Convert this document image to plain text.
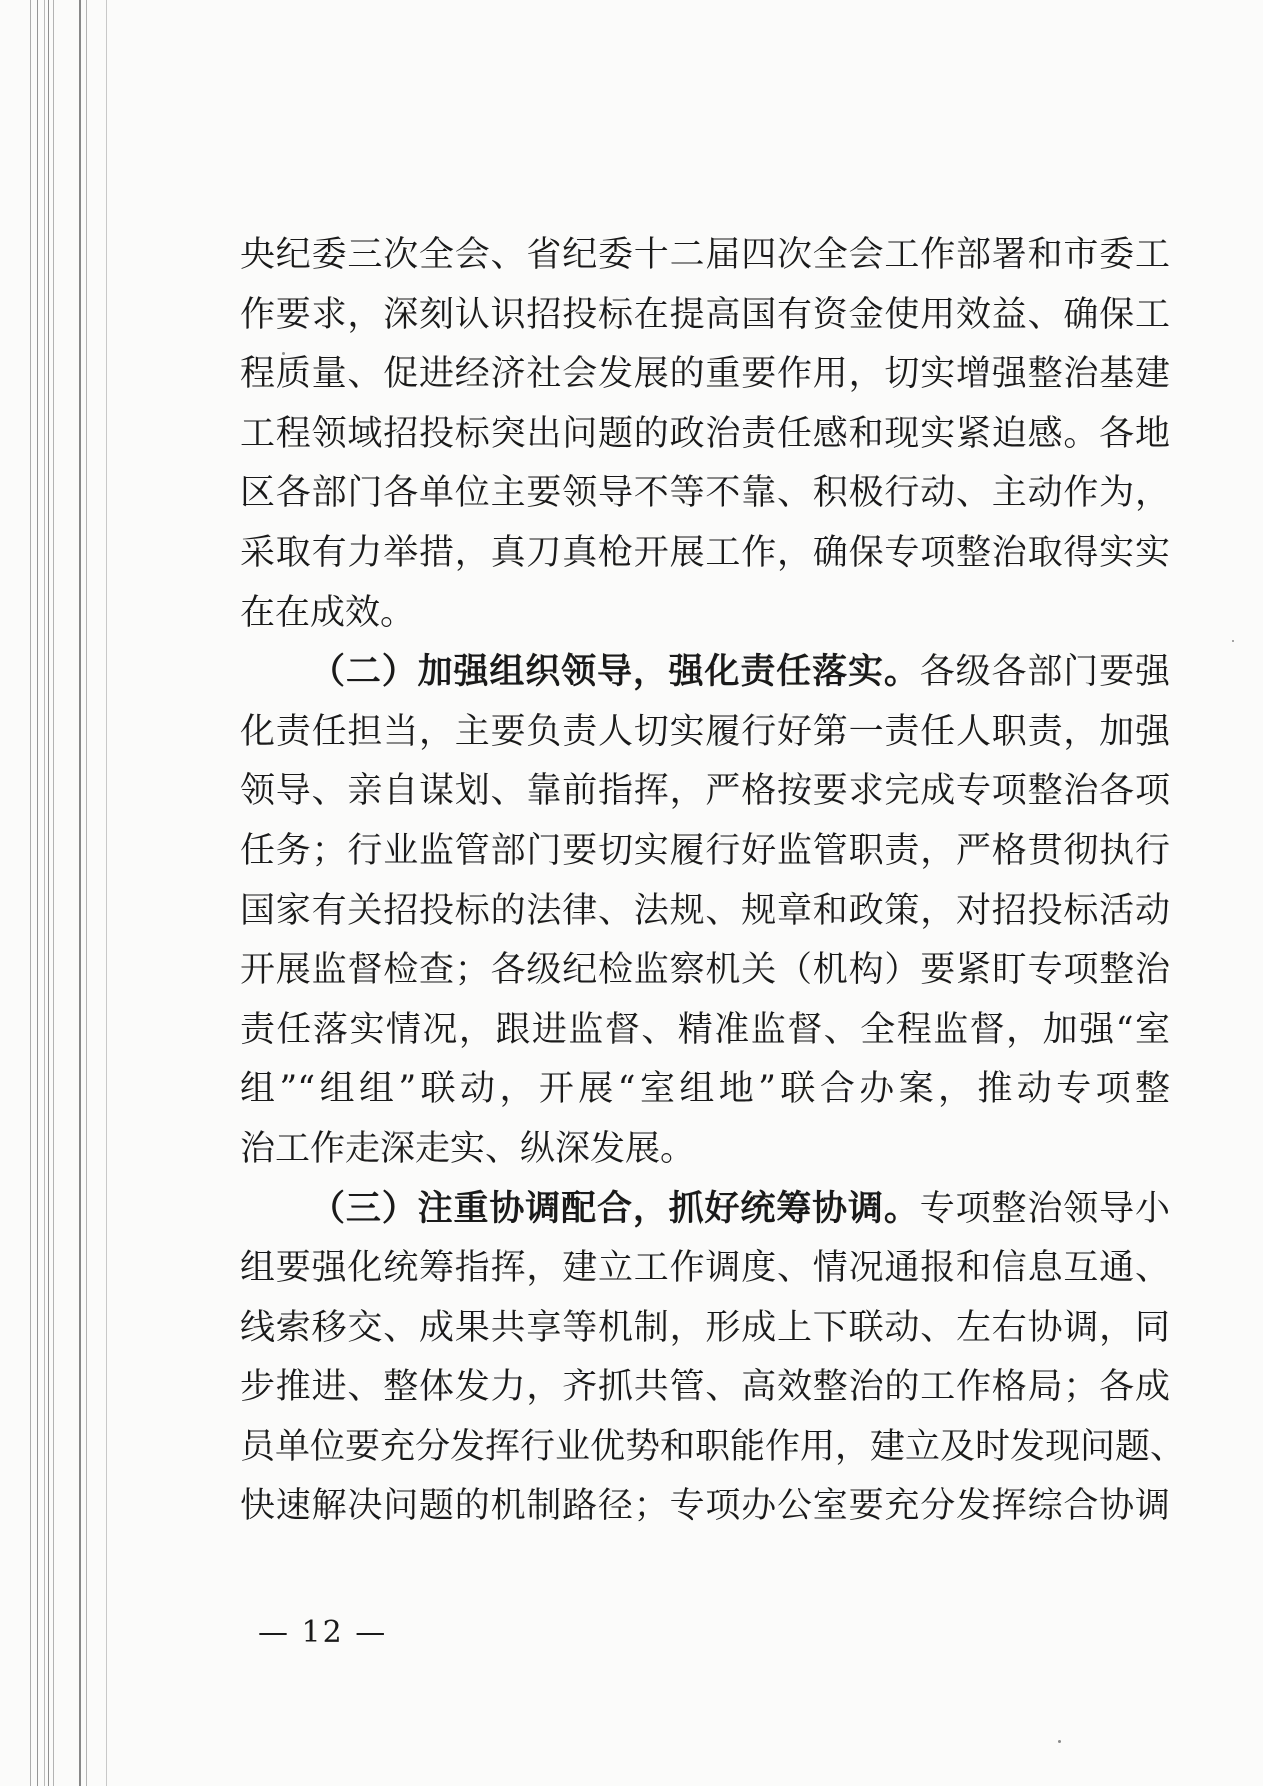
央纪委三次全会、省纪委十二届四次全会工作部署和市委工
作要求，深刻认识招投标在提高国有资金使用效益、确保工
程质量、促进经济社会发展的重要作用，切实增强整治基建
工程领域招投标突出问题的政治责任感和现实紧迫感。各地
区各部门各单位主要领导不等不靠、积极行动、主动作为，
采取有力举措，真刀真枪开展工作，确保专项整治取得实实
在在成效。
（二）加强组织领导，强化责任落实。各级各部门要强
化责任担当，主要负责人切实履行好第一责任人职责，加强
领导、亲自谋划、靠前指挥，严格按要求完成专项整治各项
任务；行业监管部门要切实履行好监管职责，严格贯彻执行
国家有关招投标的法律、法规、规章和政策，对招投标活动
开展监督检查；各级纪检监察机关（机构）要紧盯专项整治
责任落实情况，跟进监督、精准监督、全程监督，加强“室
组”“组组”联动，开展“室组地”联合办案，推动专项整
治工作走深走实、纵深发展。
（三）注重协调配合，抓好统筹协调。专项整治领导小
组要强化统筹指挥，建立工作调度、情况通报和信息互通、
线索移交、成果共享等机制，形成上下联动、左右协调，同
步推进、整体发力，齐抓共管、高效整治的工作格局；各成
员单位要充分发挥行业优势和职能作用，建立及时发现问题、
快速解决问题的机制路径；专项办公室要充分发挥综合协调
— 12 —
